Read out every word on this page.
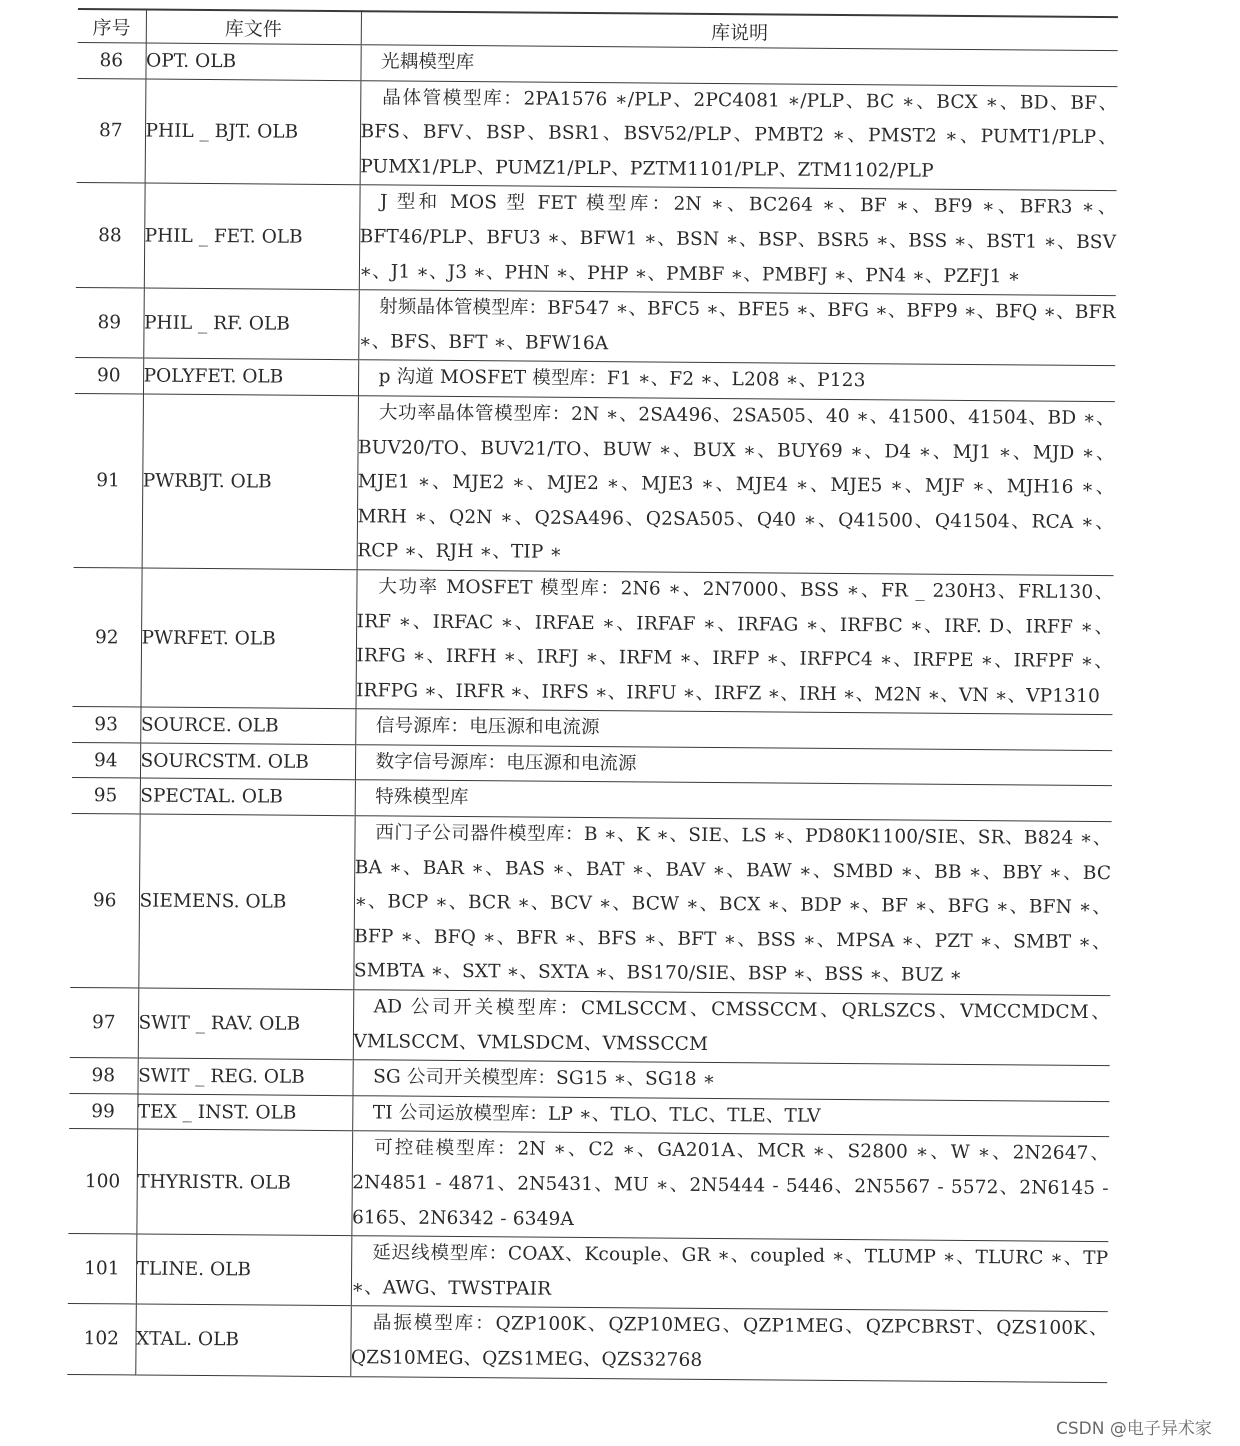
序号	库文件	库说明
86	OPT. OLB	光耦模型库
87	PHIL _ BJT. OLB	晶体管模型库：2PA1576 ∗/PLP、2PC4081 ∗/PLP、BC ∗、BCX ∗、BD、BF、BFS、BFV、BSP、BSR1、BSV52/PLP、PMBT2 ∗、PMST2 ∗、PUMT1/PLP、PUMX1/PLP、PUMZ1/PLP、PZTM1101/PLP、ZTM1102/PLP
88	PHIL _ FET. OLB	J 型和 MOS 型 FET 模型库：2N ∗、BC264 ∗、BF ∗、BF9 ∗、BFR3 ∗、BFT46/PLP、BFU3 ∗、BFW1 ∗、BSN ∗、BSP、BSR5 ∗、BSS ∗、BST1 ∗、BSV ∗、J1 ∗、J3 ∗、PHN ∗、PHP ∗、PMBF ∗、PMBFJ ∗、PN4 ∗、PZFJ1 ∗
89	PHIL _ RF. OLB	射频晶体管模型库：BF547 ∗、BFC5 ∗、BFE5 ∗、BFG ∗、BFP9 ∗、BFQ ∗、BFR ∗、BFS、BFT ∗、BFW16A
90	POLYFET. OLB	p 沟道 MOSFET 模型库：F1 ∗、F2 ∗、L208 ∗、P123
91	PWRBJT. OLB	大功率晶体管模型库：2N ∗、2SA496、2SA505、40 ∗、41500、41504、BD ∗、BUV20/TO、BUV21/TO、BUW ∗、BUX ∗、BUY69 ∗、D4 ∗、MJ1 ∗、MJD ∗、MJE1 ∗、MJE2 ∗、MJE2 ∗、MJE3 ∗、MJE4 ∗、MJE5 ∗、MJF ∗、MJH16 ∗、MRH ∗、Q2N ∗、Q2SA496、Q2SA505、Q40 ∗、Q41500、Q41504、RCA ∗、RCP ∗、RJH ∗、TIP ∗
92	PWRFET. OLB	大功率 MOSFET 模型库：2N6 ∗、2N7000、BSS ∗、FR _ 230H3、FRL130、IRF ∗、IRFAC ∗、IRFAE ∗、IRFAF ∗、IRFAG ∗、IRFBC ∗、IRF. D、IRFF ∗、IRFG ∗、IRFH ∗、IRFJ ∗、IRFM ∗、IRFP ∗、IRFPC4 ∗、IRFPE ∗、IRFPF ∗、IRFPG ∗、IRFR ∗、IRFS ∗、IRFU ∗、IRFZ ∗、IRH ∗、M2N ∗、VN ∗、VP1310
93	SOURCE. OLB	信号源库：电压源和电流源
94	SOURCSTM. OLB	数字信号源库：电压源和电流源
95	SPECTAL. OLB	特殊模型库
96	SIEMENS. OLB	西门子公司器件模型库：B ∗、K ∗、SIE、LS ∗、PD80K1100/SIE、SR、B824 ∗、BA ∗、BAR ∗、BAS ∗、BAT ∗、BAV ∗、BAW ∗、SMBD ∗、BB ∗、BBY ∗、BC ∗、BCP ∗、BCR ∗、BCV ∗、BCW ∗、BCX ∗、BDP ∗、BF ∗、BFG ∗、BFN ∗、BFP ∗、BFQ ∗、BFR ∗、BFS ∗、BFT ∗、BSS ∗、MPSA ∗、PZT ∗、SMBT ∗、SMBTA ∗、SXT ∗、SXTA ∗、BS170/SIE、BSP ∗、BSS ∗、BUZ ∗
97	SWIT _ RAV. OLB	AD 公司开关模型库：CMLSCCM、CMSSCCM、QRLSZCS、VMCCMDCM、VMLSCCM、VMLSDCM、VMSSCCM
98	SWIT _ REG. OLB	SG 公司开关模型库：SG15 ∗、SG18 ∗
99	TEX _ INST. OLB	TI 公司运放模型库：LP ∗、TLO、TLC、TLE、TLV
100	THYRISTR. OLB	可控硅模型库：2N ∗、C2 ∗、GA201A、MCR ∗、S2800 ∗、W ∗、2N2647、2N4851 - 4871、2N5431、MU ∗、2N5444 - 5446、2N5567 - 5572、2N6145 - 6165、2N6342 - 6349A
101	TLINE. OLB	延迟线模型库：COAX、Kcouple、GR ∗、coupled ∗、TLUMP ∗、TLURC ∗、TP ∗、AWG、TWSTPAIR
102	XTAL. OLB	晶振模型库：QZP100K、QZP10MEG、QZP1MEG、QZPCBRST、QZS100K、QZS10MEG、QZS1MEG、QZS32768
CSDN @电子异术家
